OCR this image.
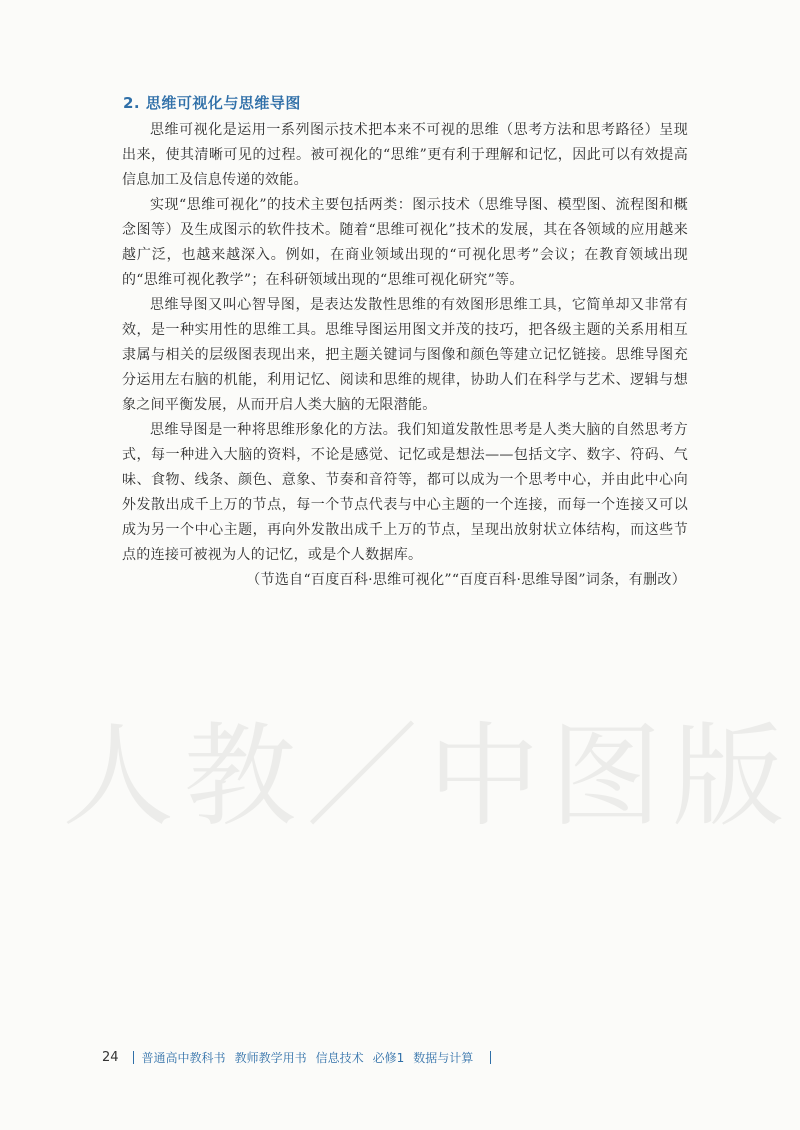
人教／中图版
2. 思维可视化与思维导图

思维可视化是运用一系列图示技术把本来不可视的思维（思考方法和思考路径）呈现出来，使其清晰可见的过程。被可视化的“思维”更有利于理解和记忆，因此可以有效提高信息加工及信息传递的效能。

实现“思维可视化”的技术主要包括两类：图示技术（思维导图、模型图、流程图和概念图等）及生成图示的软件技术。随着“思维可视化”技术的发展，其在各领域的应用越来越广泛，也越来越深入。例如，在商业领域出现的“可视化思考”会议；在教育领域出现的“思维可视化教学”；在科研领域出现的“思维可视化研究”等。

思维导图又叫心智导图，是表达发散性思维的有效图形思维工具，它简单却又非常有效，是一种实用性的思维工具。思维导图运用图文并茂的技巧，把各级主题的关系用相互隶属与相关的层级图表现出来，把主题关键词与图像和颜色等建立记忆链接。思维导图充分运用左右脑的机能，利用记忆、阅读和思维的规律，协助人们在科学与艺术、逻辑与想象之间平衡发展，从而开启人类大脑的无限潜能。

思维导图是一种将思维形象化的方法。我们知道发散性思考是人类大脑的自然思考方式，每一种进入大脑的资料，不论是感觉、记忆或是想法——包括文字、数字、符码、气味、食物、线条、颜色、意象、节奏和音符等，都可以成为一个思考中心，并由此中心向外发散出成千上万的节点，每一个节点代表与中心主题的一个连接，而每一个连接又可以成为另一个中心主题，再向外发散出成千上万的节点，呈现出放射状立体结构，而这些节点的连接可被视为人的记忆，或是个人数据库。

（节选自“百度百科·思维可视化”“百度百科·思维导图”词条，有删改）

24 普通高中教科书 教师教学用书 信息技术 必修1 数据与计算
